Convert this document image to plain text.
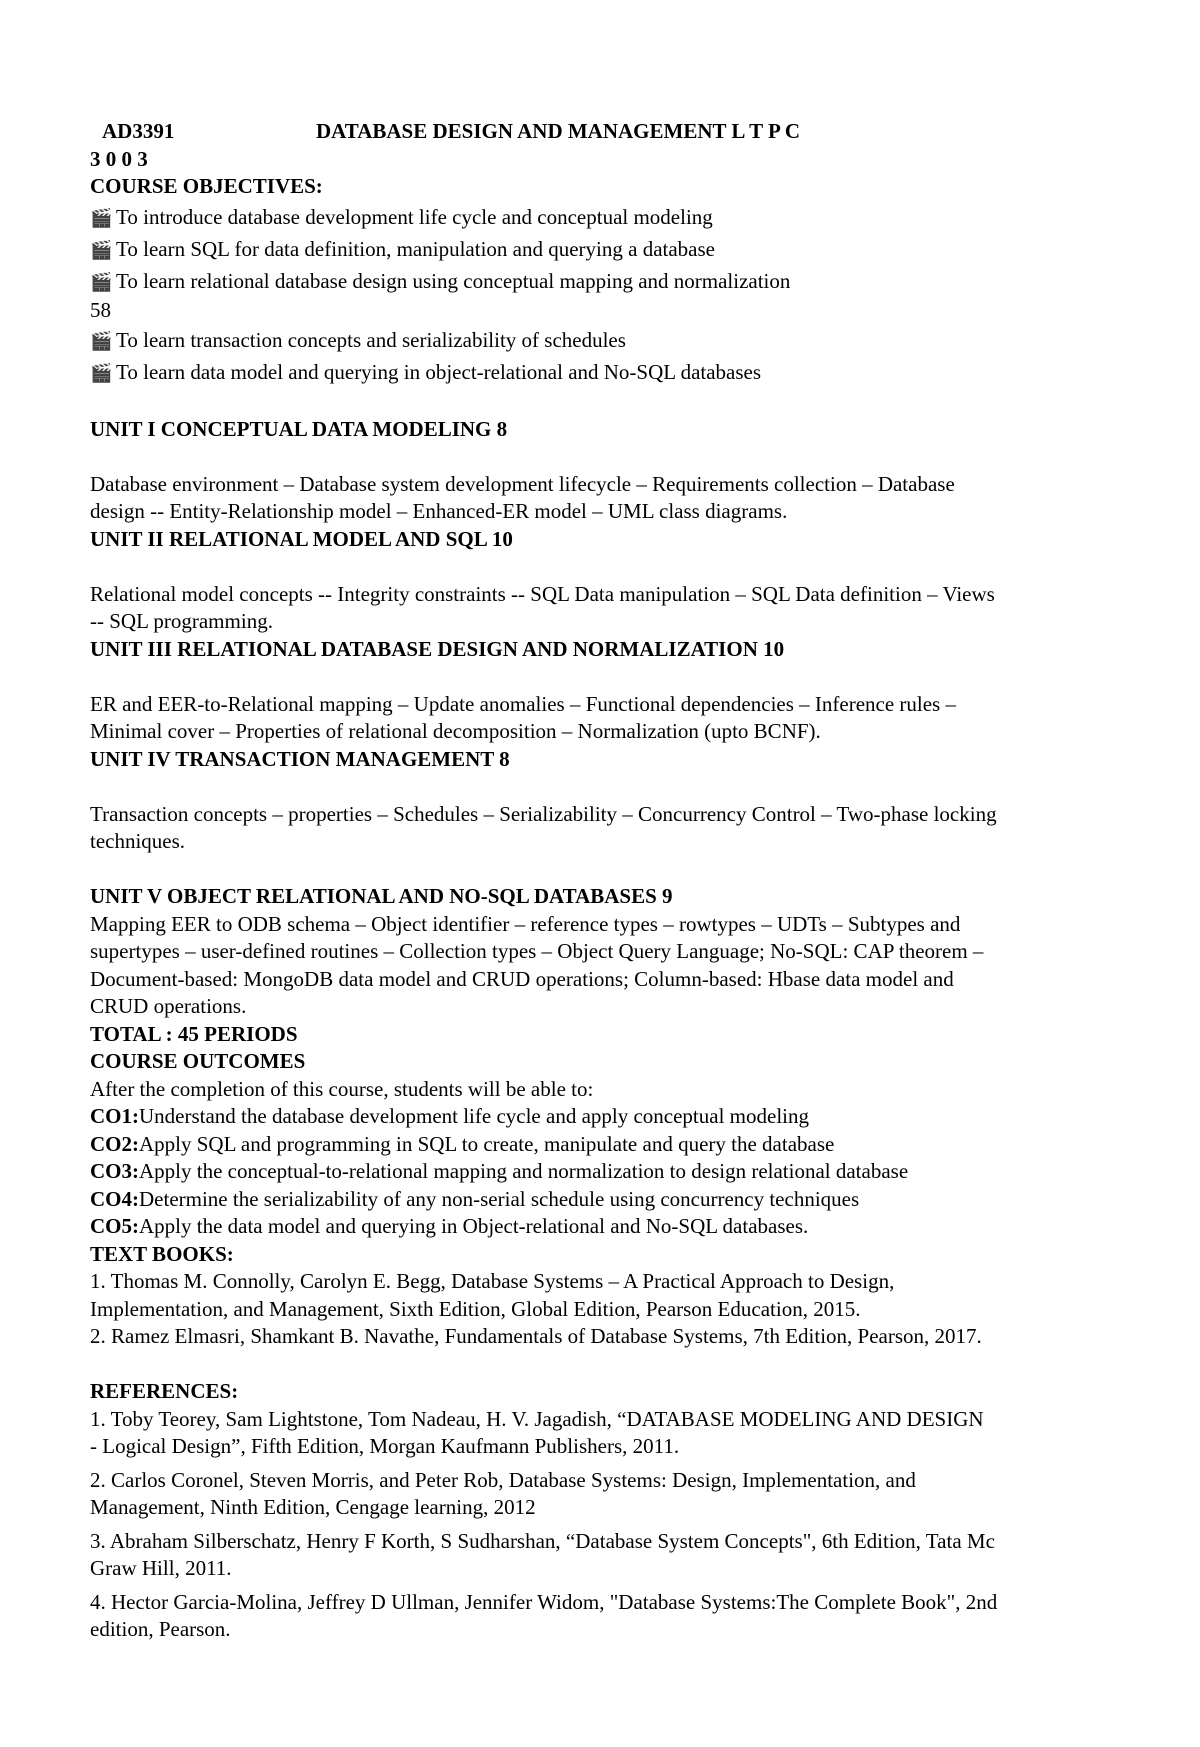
AD3391	DATABASE DESIGN AND MANAGEMENT L T P C
3 0 0 3
COURSE OBJECTIVES:
🎬 To introduce database development life cycle and conceptual modeling
🎬 To learn SQL for data definition, manipulation and querying a database
🎬 To learn relational database design using conceptual mapping and normalization
58
🎬 To learn transaction concepts and serializability of schedules
🎬 To learn data model and querying in object-relational and No-SQL databases
UNIT I CONCEPTUAL DATA MODELING 8
Database environment – Database system development lifecycle – Requirements collection – Database
design -- Entity-Relationship model – Enhanced-ER model – UML class diagrams.
UNIT II RELATIONAL MODEL AND SQL 10
Relational model concepts -- Integrity constraints -- SQL Data manipulation – SQL Data definition – Views
-- SQL programming.
UNIT III RELATIONAL DATABASE DESIGN AND NORMALIZATION 10
ER and EER-to-Relational mapping – Update anomalies – Functional dependencies – Inference rules –
Minimal cover – Properties of relational decomposition – Normalization (upto BCNF).
UNIT IV TRANSACTION MANAGEMENT 8
Transaction concepts – properties – Schedules – Serializability – Concurrency Control – Two-phase locking
techniques.
UNIT V OBJECT RELATIONAL AND NO-SQL DATABASES 9
Mapping EER to ODB schema – Object identifier – reference types – rowtypes – UDTs – Subtypes and
supertypes – user-defined routines – Collection types – Object Query Language; No-SQL: CAP theorem –
Document-based: MongoDB data model and CRUD operations; Column-based: Hbase data model and
CRUD operations.
TOTAL : 45 PERIODS
COURSE OUTCOMES
After the completion of this course, students will be able to:
CO1:Understand the database development life cycle and apply conceptual modeling
CO2:Apply SQL and programming in SQL to create, manipulate and query the database
CO3:Apply the conceptual-to-relational mapping and normalization to design relational database
CO4:Determine the serializability of any non-serial schedule using concurrency techniques
CO5:Apply the data model and querying in Object-relational and No-SQL databases.
TEXT BOOKS:
1. Thomas M. Connolly, Carolyn E. Begg, Database Systems – A Practical Approach to Design,
Implementation, and Management, Sixth Edition, Global Edition, Pearson Education, 2015.
2. Ramez Elmasri, Shamkant B. Navathe, Fundamentals of Database Systems, 7th Edition, Pearson, 2017.
REFERENCES:
1. Toby Teorey, Sam Lightstone, Tom Nadeau, H. V. Jagadish, “DATABASE MODELING AND DESIGN
- Logical Design”, Fifth Edition, Morgan Kaufmann Publishers, 2011.
2. Carlos Coronel, Steven Morris, and Peter Rob, Database Systems: Design, Implementation, and
Management, Ninth Edition, Cengage learning, 2012
3. Abraham Silberschatz, Henry F Korth, S Sudharshan, “Database System Concepts", 6th Edition, Tata Mc
Graw Hill, 2011.
4. Hector Garcia-Molina, Jeffrey D Ullman, Jennifer Widom, "Database Systems:The Complete Book", 2nd
edition, Pearson.
